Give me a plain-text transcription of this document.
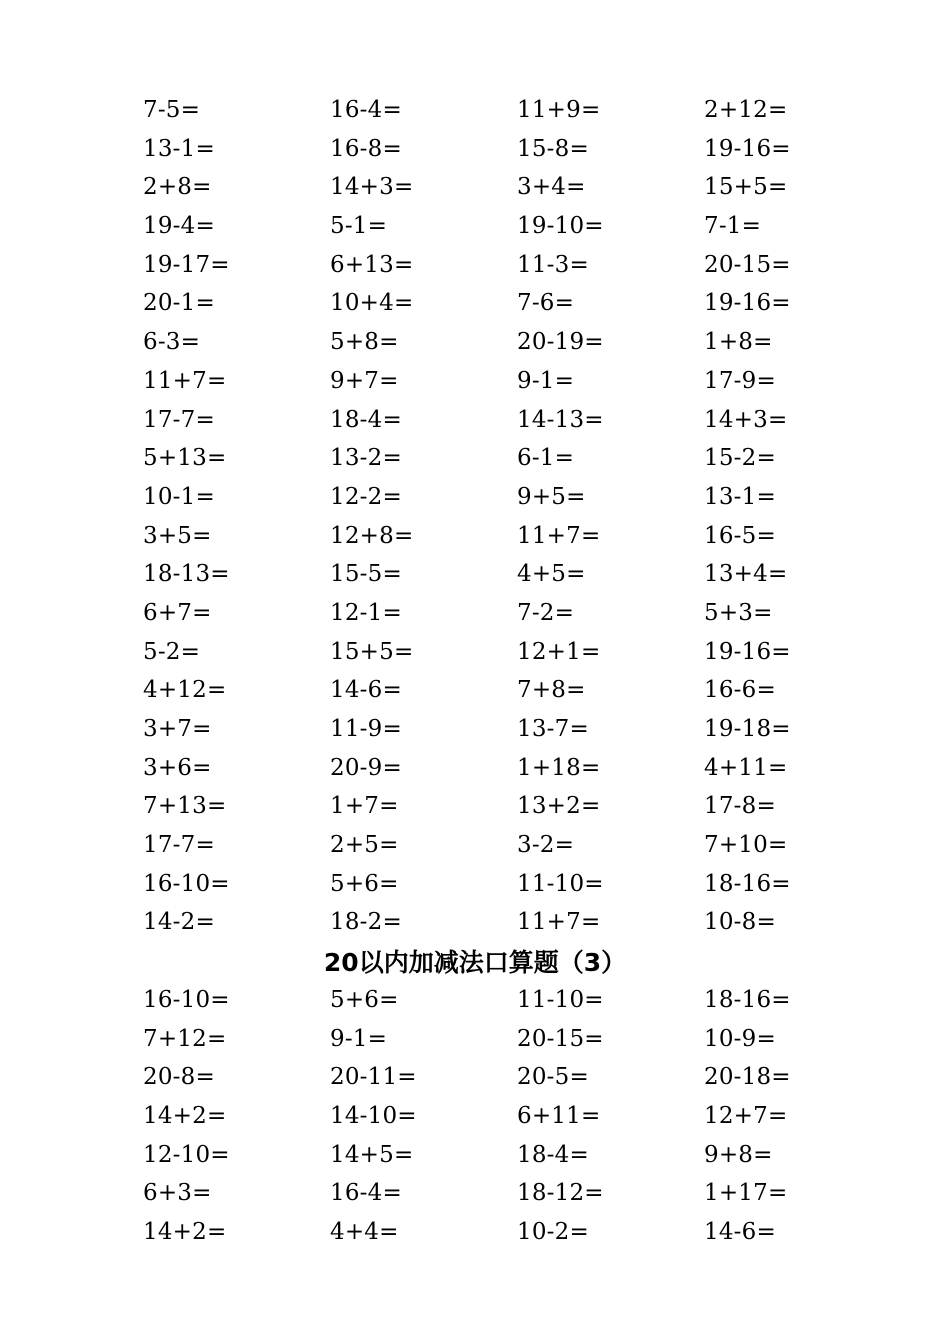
7-5=	16-4=	11+9=	2+12=
13-1=	16-8=	15-8=	19-16=
2+8=	14+3=	3+4=	15+5=
19-4=	5-1=	19-10=	7-1=
19-17=	6+13=	11-3=	20-15=
20-1=	10+4=	7-6=	19-16=
6-3=	5+8=	20-19=	1+8=
11+7=	9+7=	9-1=	17-9=
17-7=	18-4=	14-13=	14+3=
5+13=	13-2=	6-1=	15-2=
10-1=	12-2=	9+5=	13-1=
3+5=	12+8=	11+7=	16-5=
18-13=	15-5=	4+5=	13+4=
6+7=	12-1=	7-2=	5+3=
5-2=	15+5=	12+1=	19-16=
4+12=	14-6=	7+8=	16-6=
3+7=	11-9=	13-7=	19-18=
3+6=	20-9=	1+18=	4+11=
7+13=	1+7=	13+2=	17-8=
17-7=	2+5=	3-2=	7+10=
16-10=	5+6=	11-10=	18-16=
14-2=	18-2=	11+7=	10-8=
20以内加减法口算题（3）
16-10=	5+6=	11-10=	18-16=
7+12=	9-1=	20-15=	10-9=
20-8=	20-11=	20-5=	20-18=
14+2=	14-10=	6+11=	12+7=
12-10=	14+5=	18-4=	9+8=
6+3=	16-4=	18-12=	1+17=
14+2=	4+4=	10-2=	14-6=
